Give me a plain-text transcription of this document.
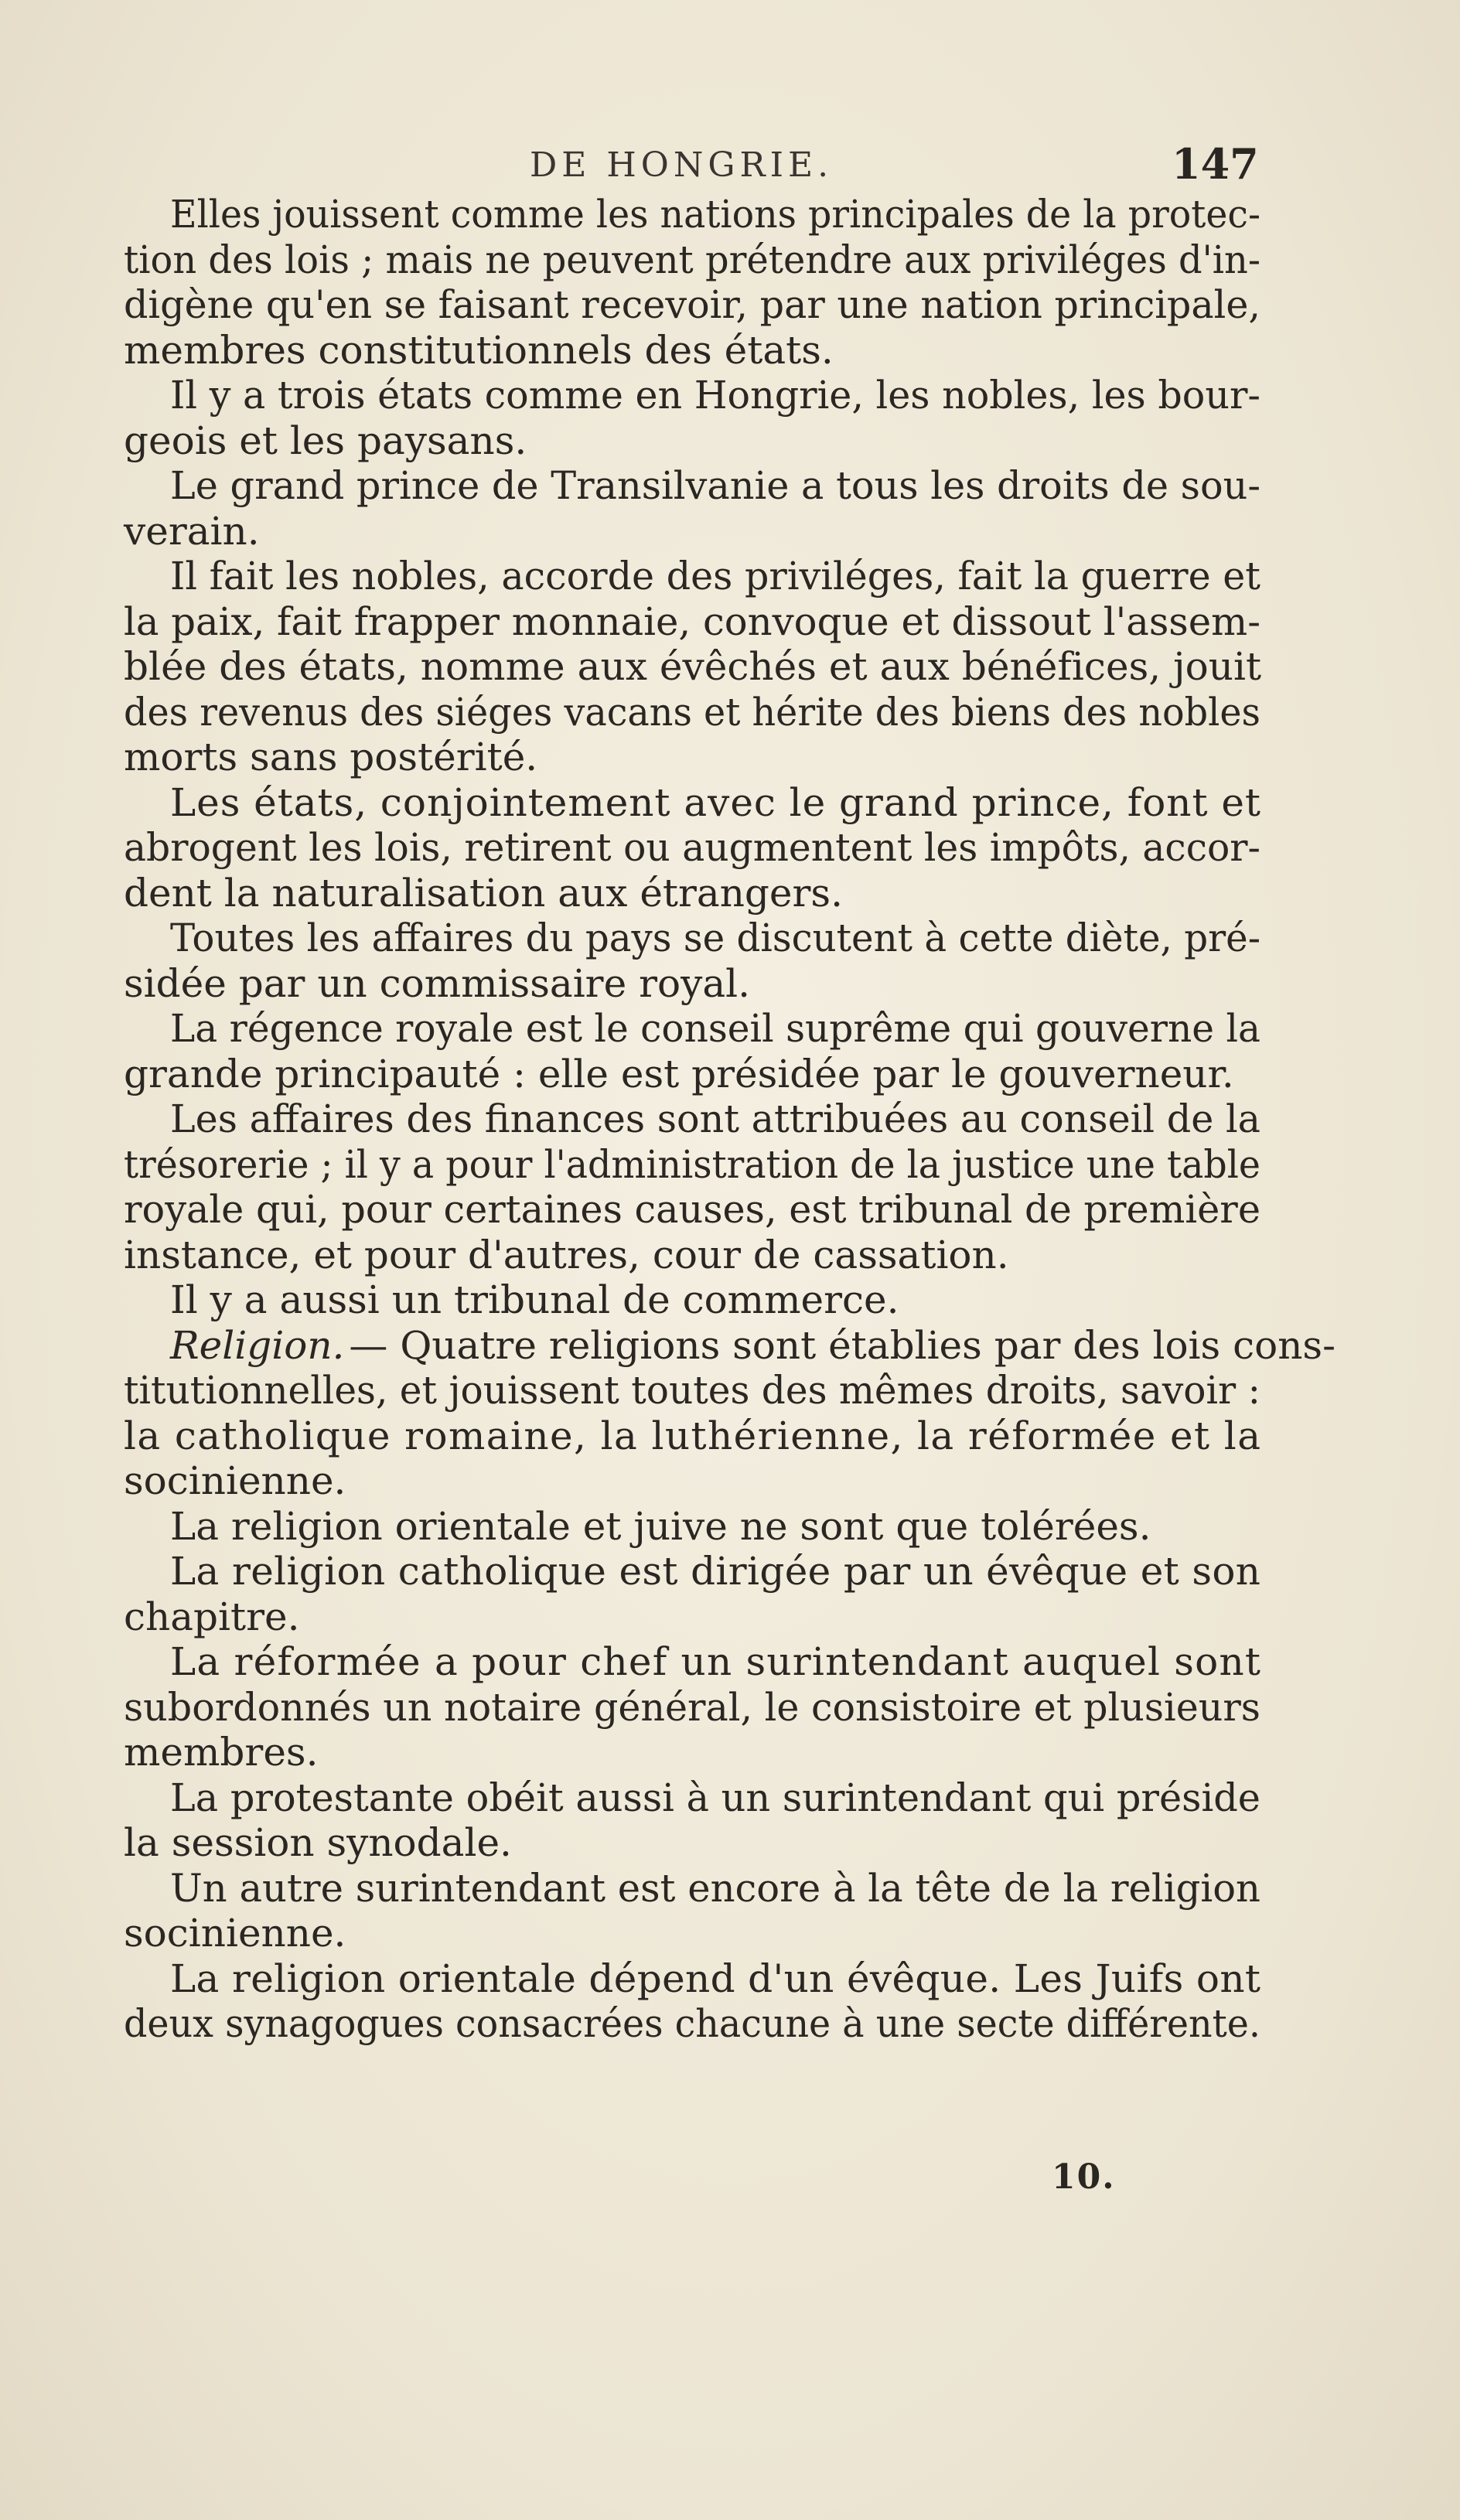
DE HONGRIE.	147
Elles jouissent comme les nations principales de la protec-
tion des lois ; mais ne peuvent prétendre aux priviléges d'in-
digène qu'en se faisant recevoir, par une nation principale,
membres constitutionnels des états.
Il y a trois états comme en Hongrie, les nobles, les bour-
geois et les paysans.
Le grand prince de Transilvanie a tous les droits de sou-
verain.
Il fait les nobles, accorde des priviléges, fait la guerre et
la paix, fait frapper monnaie, convoque et dissout l'assem-
blée des états, nomme aux évêchés et aux bénéfices, jouit
des revenus des siéges vacans et hérite des biens des nobles
morts sans postérité.
Les états, conjointement avec le grand prince, font et
abrogent les lois, retirent ou augmentent les impôts, accor-
dent la naturalisation aux étrangers.
Toutes les affaires du pays se discutent à cette diète, pré-
sidée par un commissaire royal.
La régence royale est le conseil suprême qui gouverne la
grande principauté : elle est présidée par le gouverneur.
Les affaires des finances sont attribuées au conseil de la
trésorerie ; il y a pour l'administration de la justice une table
royale qui, pour certaines causes, est tribunal de première
instance, et pour d'autres, cour de cassation.
Il y a aussi un tribunal de commerce.
Religion. — Quatre religions sont établies par des lois cons-
titutionnelles, et jouissent toutes des mêmes droits, savoir :
la catholique romaine, la luthérienne, la réformée et la
socinienne.
La religion orientale et juive ne sont que tolérées.
La religion catholique est dirigée par un évêque et son
chapitre.
La réformée a pour chef un surintendant auquel sont
subordonnés un notaire général, le consistoire et plusieurs
membres.
La protestante obéit aussi à un surintendant qui préside
la session synodale.
Un autre surintendant est encore à la tête de la religion
socinienne.
La religion orientale dépend d'un évêque. Les Juifs ont
deux synagogues consacrées chacune à une secte différente.
10.
